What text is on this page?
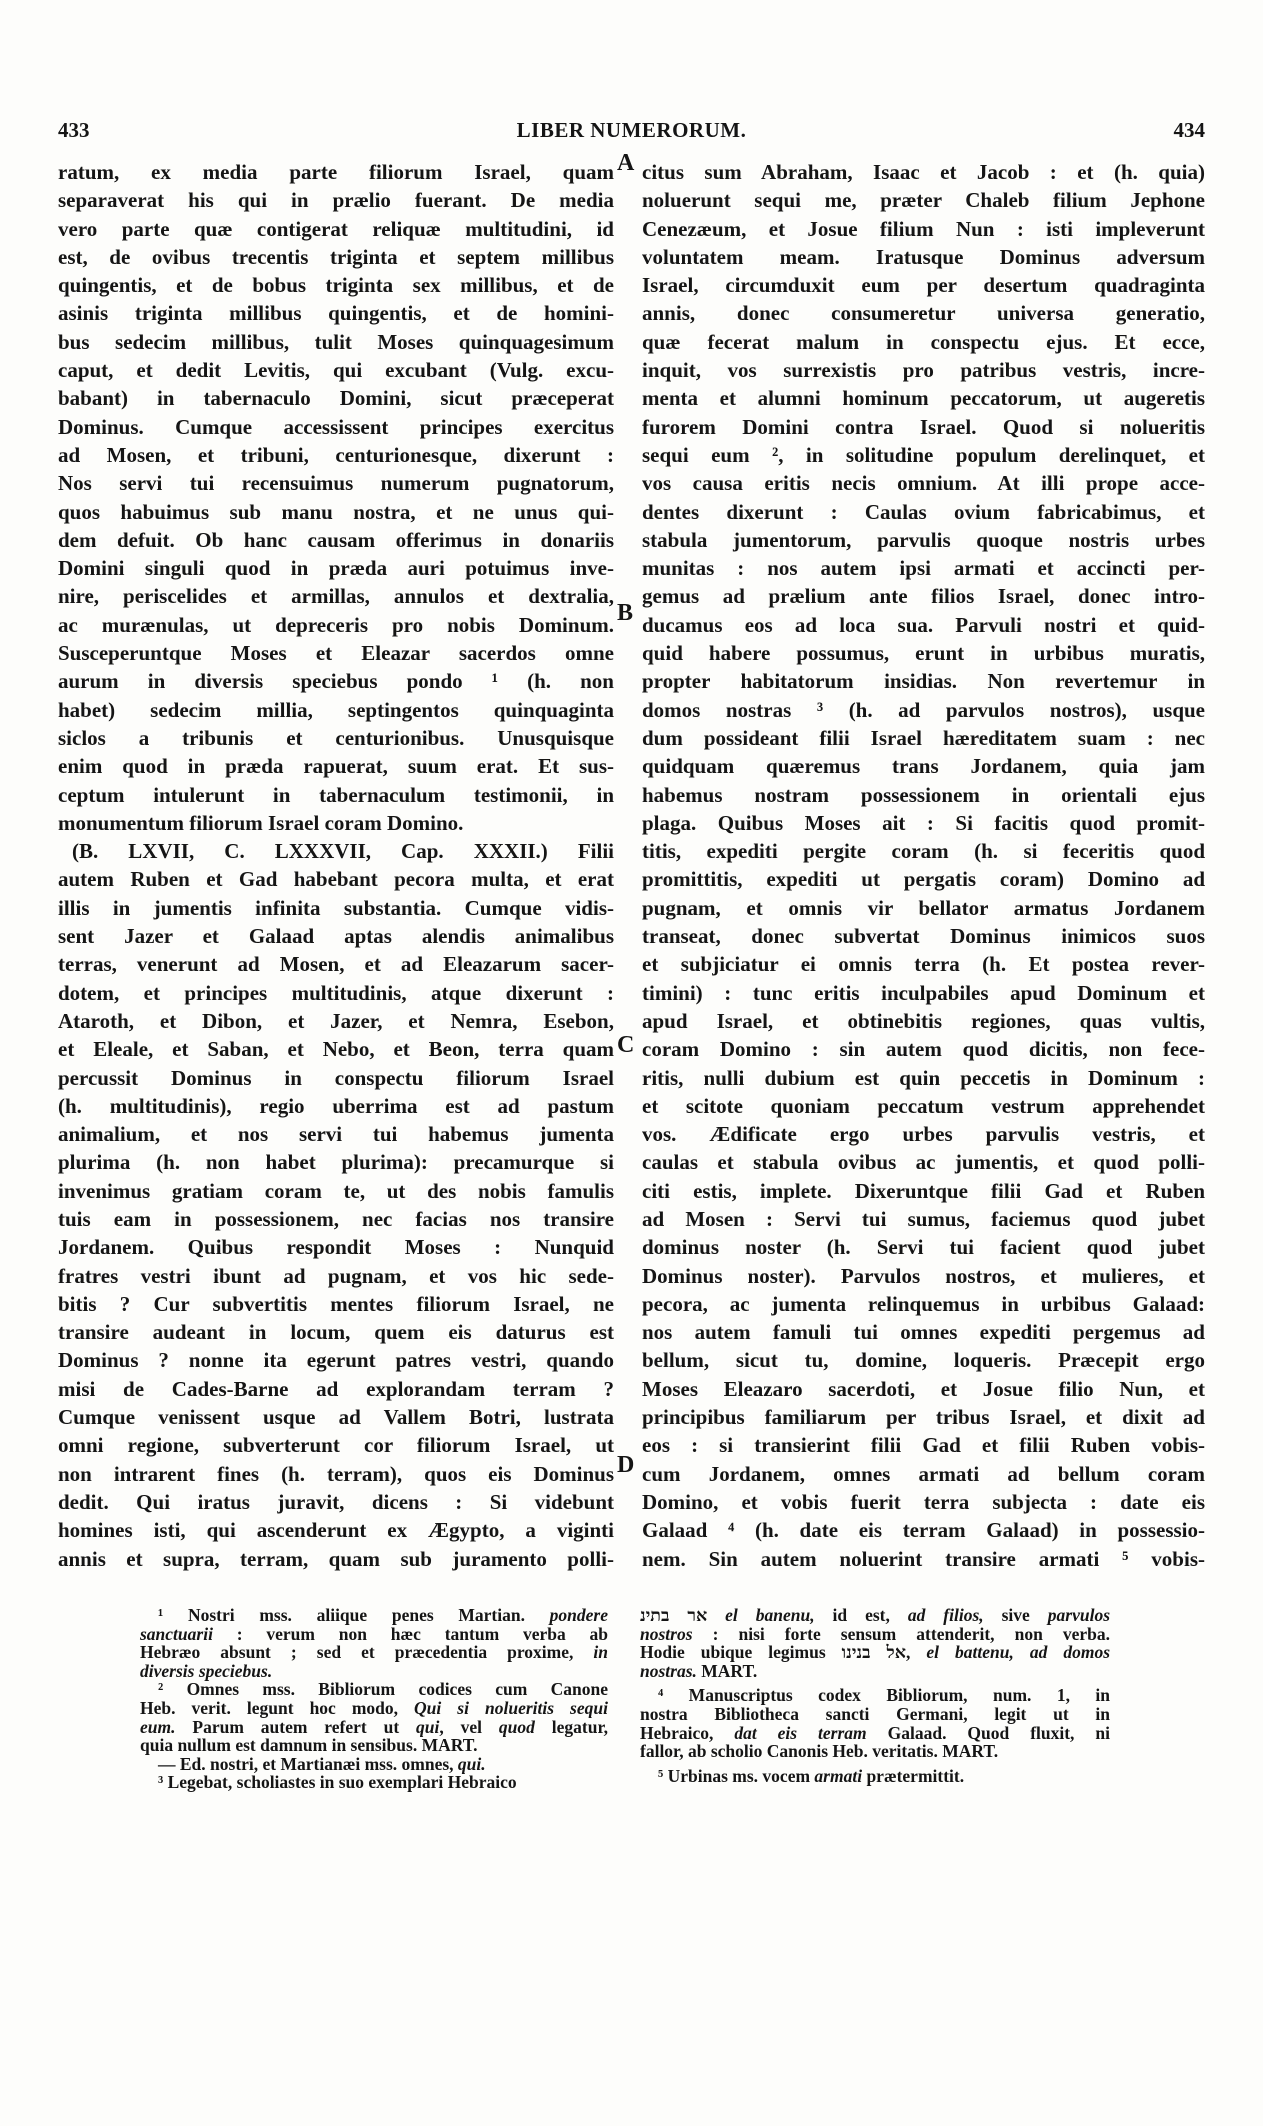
433	LIBER NUMERORUM.	434
ratum, ex media parte filiorum Israel, quam
separaverat his qui in prælio fuerant. De media
vero parte quæ contigerat reliquæ multitudini, id
est, de ovibus trecentis triginta et septem millibus
quingentis, et de bobus triginta sex millibus, et de
asinis triginta millibus quingentis, et de homini-
bus sedecim millibus, tulit Moses quinquagesimum
caput, et dedit Levitis, qui excubant (Vulg. excu-
babant) in tabernaculo Domini, sicut præceperat
Dominus. Cumque accessissent principes exercitus
ad Mosen, et tribuni, centurionesque, dixerunt :
Nos servi tui recensuimus numerum pugnatorum,
quos habuimus sub manu nostra, et ne unus qui-
dem defuit. Ob hanc causam offerimus in donariis
Domini singuli quod in præda auri potuimus inve-
nire, periscelides et armillas, annulos et dextralia,
ac murænulas, ut depreceris pro nobis Dominum.
Susceperuntque Moses et Eleazar sacerdos omne
aurum in diversis speciebus pondo ¹ (h. non
habet) sedecim millia, septingentos quinquaginta
siclos a tribunis et centurionibus. Unusquisque
enim quod in præda rapuerat, suum erat. Et sus-
ceptum intulerunt in tabernaculum testimonii, in
monumentum filiorum Israel coram Domino.
(B. LXVII, C. LXXXVII, Cap. XXXII.) Filii
autem Ruben et Gad habebant pecora multa, et erat
illis in jumentis infinita substantia. Cumque vidis-
sent Jazer et Galaad aptas alendis animalibus
terras, venerunt ad Mosen, et ad Eleazarum sacer-
dotem, et principes multitudinis, atque dixerunt :
Ataroth, et Dibon, et Jazer, et Nemra, Esebon,
et Eleale, et Saban, et Nebo, et Beon, terra quam
percussit Dominus in conspectu filiorum Israel
(h. multitudinis), regio uberrima est ad pastum
animalium, et nos servi tui habemus jumenta
plurima (h. non habet plurima): precamurque si
invenimus gratiam coram te, ut des nobis famulis
tuis eam in possessionem, nec facias nos transire
Jordanem. Quibus respondit Moses : Nunquid
fratres vestri ibunt ad pugnam, et vos hic sede-
bitis ? Cur subvertitis mentes filiorum Israel, ne
transire audeant in locum, quem eis daturus est
Dominus ? nonne ita egerunt patres vestri, quando
misi de Cades-Barne ad explorandam terram ?
Cumque venissent usque ad Vallem Botri, lustrata
omni regione, subverterunt cor filiorum Israel, ut
non intrarent fines (h. terram), quos eis Dominus
dedit. Qui iratus juravit, dicens : Si videbunt
homines isti, qui ascenderunt ex Ægypto, a viginti
annis et supra, terram, quam sub juramento polli-
citus sum Abraham, Isaac et Jacob : et (h. quia)
noluerunt sequi me, præter Chaleb filium Jephone
Cenezæum, et Josue filium Nun : isti impleverunt
voluntatem meam. Iratusque Dominus adversum
Israel, circumduxit eum per desertum quadraginta
annis, donec consumeretur universa generatio,
quæ fecerat malum in conspectu ejus. Et ecce,
inquit, vos surrexistis pro patribus vestris, incre-
menta et alumni hominum peccatorum, ut augeretis
furorem Domini contra Israel. Quod si nolueritis
sequi eum ², in solitudine populum derelinquet, et
vos causa eritis necis omnium. At illi prope acce-
dentes dixerunt : Caulas ovium fabricabimus, et
stabula jumentorum, parvulis quoque nostris urbes
munitas : nos autem ipsi armati et accincti per-
gemus ad prælium ante filios Israel, donec intro-
ducamus eos ad loca sua. Parvuli nostri et quid-
quid habere possumus, erunt in urbibus muratis,
propter habitatorum insidias. Non revertemur in
domos nostras ³ (h. ad parvulos nostros), usque
dum possideant filii Israel hæreditatem suam : nec
quidquam quæremus trans Jordanem, quia jam
habemus nostram possessionem in orientali ejus
plaga. Quibus Moses ait : Si facitis quod promit-
titis, expediti pergite coram (h. si feceritis quod
promittitis, expediti ut pergatis coram) Domino ad
pugnam, et omnis vir bellator armatus Jordanem
transeat, donec subvertat Dominus inimicos suos
et subjiciatur ei omnis terra (h. Et postea rever-
timini) : tunc eritis inculpabiles apud Dominum et
apud Israel, et obtinebitis regiones, quas vultis,
coram Domino : sin autem quod dicitis, non fece-
ritis, nulli dubium est quin peccetis in Dominum :
et scitote quoniam peccatum vestrum apprehendet
vos. Ædificate ergo urbes parvulis vestris, et
caulas et stabula ovibus ac jumentis, et quod polli-
citi estis, implete. Dixeruntque filii Gad et Ruben
ad Mosen : Servi tui sumus, faciemus quod jubet
dominus noster (h. Servi tui facient quod jubet
Dominus noster). Parvulos nostros, et mulieres, et
pecora, ac jumenta relinquemus in urbibus Galaad:
nos autem famuli tui omnes expediti pergemus ad
bellum, sicut tu, domine, loqueris. Præcepit ergo
Moses Eleazaro sacerdoti, et Josue filio Nun, et
principibus familiarum per tribus Israel, et dixit ad
eos : si transierint filii Gad et filii Ruben vobis-
cum Jordanem, omnes armati ad bellum coram
Domino, et vobis fuerit terra subjecta : date eis
Galaad ⁴ (h. date eis terram Galaad) in possessio-
nem. Sin autem noluerint transire armati ⁵ vobis-
A
B
C
D
¹ Nostri mss. aliique penes Martian. pondere
sanctuarii : verum non hæc tantum verba ab
Hebræo absunt ; sed et præcedentia proxime, in
diversis speciebus.
² Omnes mss. Bibliorum codices cum Canone
Heb. verit. legunt hoc modo, Qui si nolueritis sequi
eum. Parum autem refert ut qui, vel quod legatur,
quia nullum est damnum in sensibus. MART.
— Ed. nostri, et Martianæi mss. omnes, qui.
³ Legebat, scholiastes in suo exemplari Hebraico
אר בתינ el banenu, id est, ad filios, sive parvulos
nostros : nisi forte sensum attenderit, non verba.
Hodie ubique legimus אל בנינו, el battenu, ad domos
nostras. MART.
⁴ Manuscriptus codex Bibliorum, num. 1, in
nostra Bibliotheca sancti Germani, legit ut in
Hebraico, dat eis terram Galaad. Quod fluxit, ni
fallor, ab scholio Canonis Heb. veritatis. MART.
⁵ Urbinas ms. vocem armati prætermittit.
